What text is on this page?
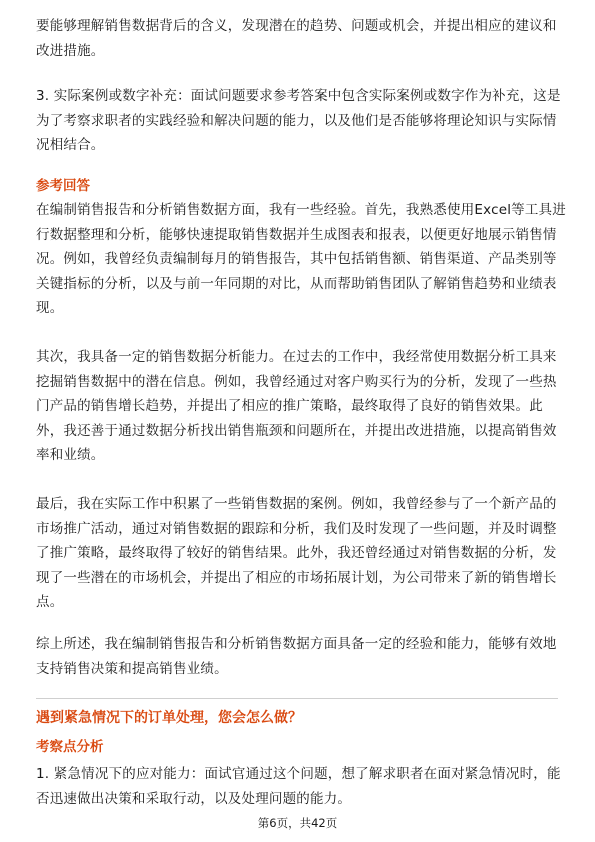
要能够理解销售数据背后的含义，发现潜在的趋势、问题或机会，并提出相应的建议和改进措施。

3. 实际案例或数字补充：面试问题要求参考答案中包含实际案例或数字作为补充，这是为了考察求职者的实践经验和解决问题的能力，以及他们是否能够将理论知识与实际情况相结合。

参考回答

在编制销售报告和分析销售数据方面，我有一些经验。首先，我熟悉使用Excel等工具进行数据整理和分析，能够快速提取销售数据并生成图表和报表，以便更好地展示销售情况。例如，我曾经负责编制每月的销售报告，其中包括销售额、销售渠道、产品类别等关键指标的分析，以及与前一年同期的对比，从而帮助销售团队了解销售趋势和业绩表现。

其次，我具备一定的销售数据分析能力。在过去的工作中，我经常使用数据分析工具来挖掘销售数据中的潜在信息。例如，我曾经通过对客户购买行为的分析，发现了一些热门产品的销售增长趋势，并提出了相应的推广策略，最终取得了良好的销售效果。此外，我还善于通过数据分析找出销售瓶颈和问题所在，并提出改进措施，以提高销售效率和业绩。

最后，我在实际工作中积累了一些销售数据的案例。例如，我曾经参与了一个新产品的市场推广活动，通过对销售数据的跟踪和分析，我们及时发现了一些问题，并及时调整了推广策略，最终取得了较好的销售结果。此外，我还曾经通过对销售数据的分析，发现了一些潜在的市场机会，并提出了相应的市场拓展计划，为公司带来了新的销售增长点。

综上所述，我在编制销售报告和分析销售数据方面具备一定的经验和能力，能够有效地支持销售决策和提高销售业绩。

遇到紧急情况下的订单处理，您会怎么做？

考察点分析

1. 紧急情况下的应对能力：面试官通过这个问题，想了解求职者在面对紧急情况时，能否迅速做出决策和采取行动，以及处理问题的能力。

第6页，共42页
